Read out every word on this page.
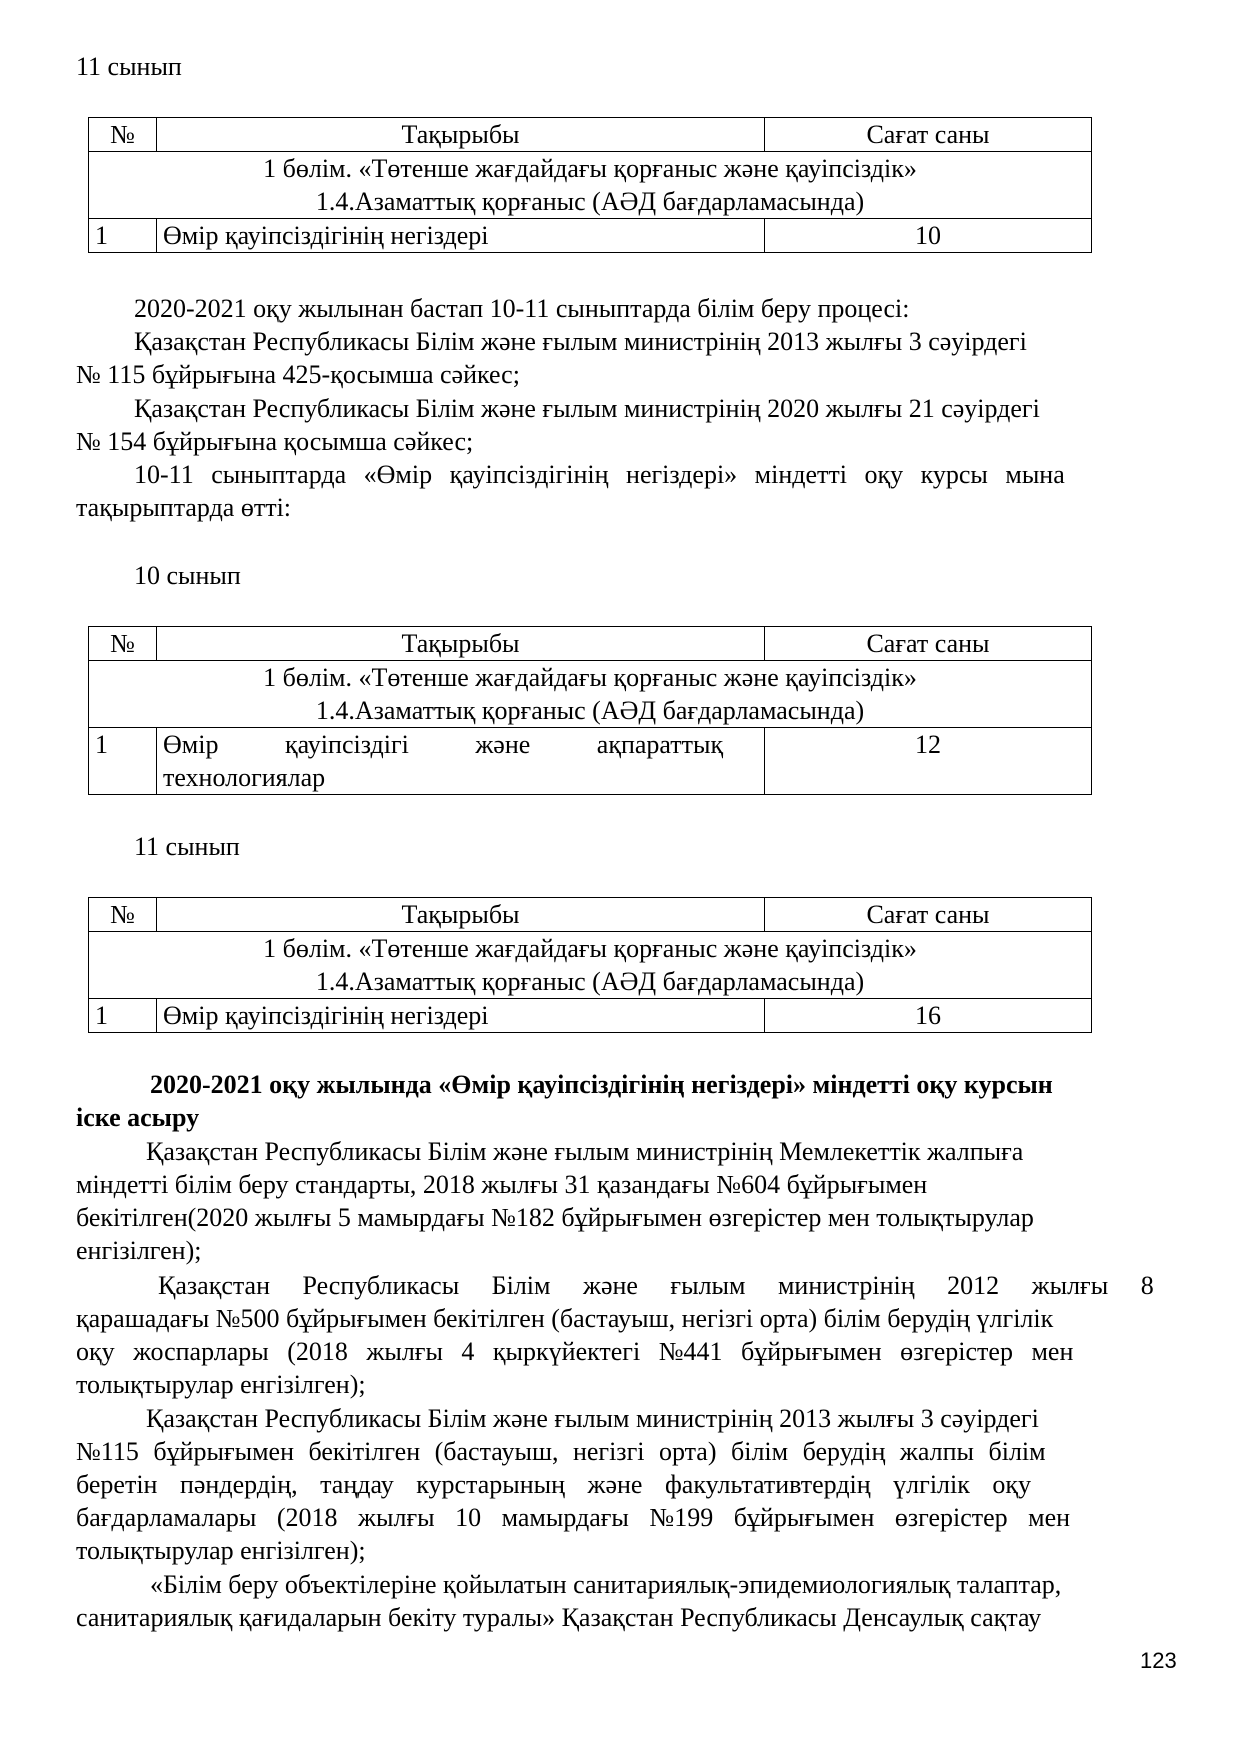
11 сынып
№	Тақырыбы	Сағат саны

1 бөлім. «Төтенше жағдайдағы қорғаныс және қауіпсіздік»
1.4.Азаматтық қорғаныс (АӘД бағдарламасында)		

1	Өмір қауіпсіздігінің негіздері	10
2020-2021 оқу жылынан бастап 10-11 сыныптарда білім беру процесі:
Қазақстан Республикасы Білім және ғылым министрінің 2013 жылғы 3 сәуірдегі
№ 115 бұйрығына 425-қосымша сәйкес;
Қазақстан Республикасы Білім және ғылым министрінің 2020 жылғы 21 сәуірдегі
№ 154 бұйрығына қосымша сәйкес;
10-11 сыныптарда «Өмір қауіпсіздігінің негіздері» міндетті оқу курсы мына
тақырыптарда өтті:
10 сынып
№	Тақырыбы	Сағат саны

1 бөлім. «Төтенше жағдайдағы қорғаныс және қауіпсіздік»
1.4.Азаматтық қорғаныс (АӘД бағдарламасында)		

1	Өмір қауіпсіздігі және ақпараттық
технологиялар	12
11 сынып
№	Тақырыбы	Сағат саны

1 бөлім. «Төтенше жағдайдағы қорғаныс және қауіпсіздік»
1.4.Азаматтық қорғаныс (АӘД бағдарламасында)		

1	Өмір қауіпсіздігінің негіздері	16
2020-2021 оқу жылында «Өмір қауіпсіздігінің негіздері» міндетті оқу курсын
іске асыру
Қазақстан Республикасы Білім және ғылым министрінің Мемлекеттік жалпыға
міндетті білім беру стандарты, 2018 жылғы 31 қазандағы №604 бұйрығымен
бекітілген(2020 жылғы 5 мамырдағы №182 бұйрығымен өзгерістер мен толықтырулар
енгізілген);
Қазақстан Республикасы Білім және ғылым министрінің 2012 жылғы 8
қарашадағы №500 бұйрығымен бекітілген (бастауыш, негізгі орта) білім берудің үлгілік
оқу жоспарлары (2018 жылғы 4 қыркүйектегі №441 бұйрығымен өзгерістер мен
толықтырулар енгізілген);
Қазақстан Республикасы Білім және ғылым министрінің 2013 жылғы 3 сәуірдегі
№115 бұйрығымен бекітілген (бастауыш, негізгі орта) білім берудің жалпы білім
беретін пәндердің, таңдау курстарының және факультативтердің үлгілік оқу
бағдарламалары (2018 жылғы 10 мамырдағы №199 бұйрығымен өзгерістер мен
толықтырулар енгізілген);
«Білім беру объектілеріне қойылатын санитариялық-эпидемиологиялық талаптар,
санитариялық қағидаларын бекіту туралы» Қазақстан Республикасы Денсаулық сақтау
123
